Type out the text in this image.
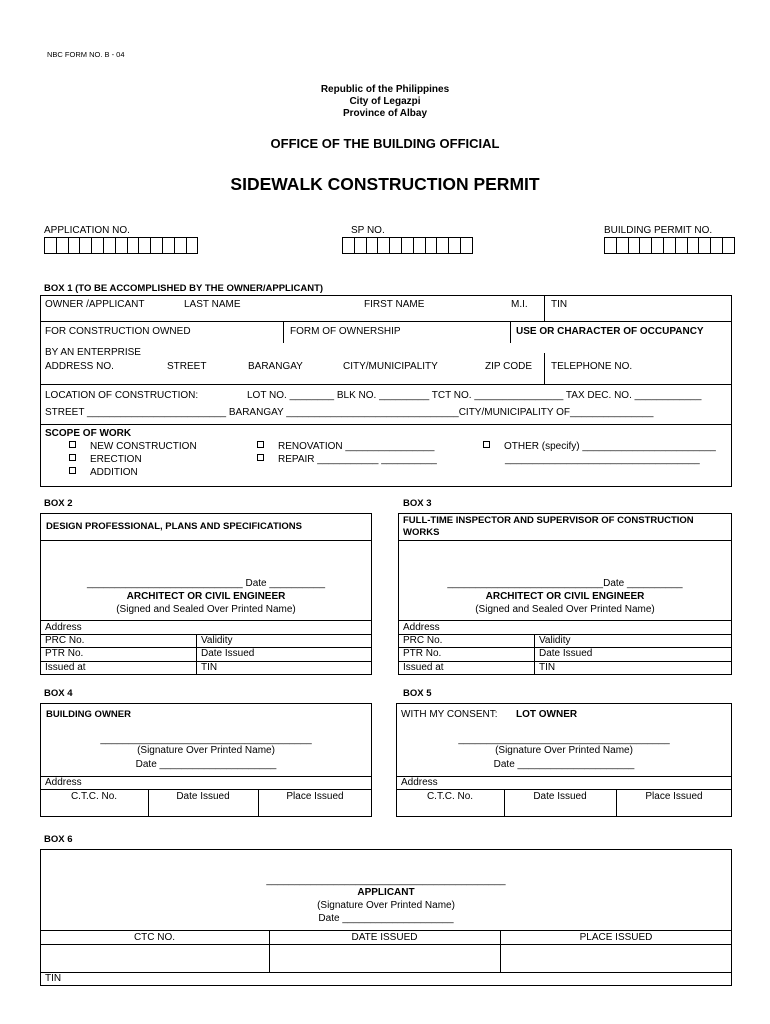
NBC FORM NO. B - 04
Republic of the Philippines
City of Legazpi
Province of Albay
OFFICE OF THE BUILDING OFFICIAL
SIDEWALK CONSTRUCTION PERMIT
APPLICATION NO.	SP NO.	BUILDING PERMIT NO.
BOX 1 (TO BE ACCOMPLISHED BY THE OWNER/APPLICANT)
OWNER /APPLICANT	LAST NAME	FIRST NAME	M.I. TIN
FOR CONSTRUCTION OWNED	FORM OF OWNERSHIP	USE OR CHARACTER OF OCCUPANCY
BY AN ENTERPRISE
ADDRESS NO.	STREET	BARANGAY	CITY/MUNICIPALITY	ZIP CODE TELEPHONE NO.
LOCATION OF CONSTRUCTION:	LOT NO. ________ BLK NO. _________ TCT NO. ________________ TAX DEC. NO. ____________
STREET _________________________ BARANGAY _______________________________CITY/MUNICIPALITY OF_______________
SCOPE OF WORK
NEW CONSTRUCTION
ERECTION
ADDITION
RENOVATION ________________
REPAIR ___________ __________
OTHER (specify) ________________________
___________________________________
BOX 2
DESIGN PROFESSIONAL, PLANS AND SPECIFICATIONS
____________________________ Date __________
ARCHITECT OR CIVIL ENGINEER
(Signed and Sealed Over Printed Name)
Address
PRC No.	Validity
PTR No.	Date Issued
Issued at	TIN
BOX 3
FULL-TIME INSPECTOR AND SUPERVISOR OF CONSTRUCTION
WORKS
____________________________Date __________
ARCHITECT OR CIVIL ENGINEER
(Signed and Sealed Over Printed Name)
Address
PRC No.	Validity
PTR No.	Date Issued
Issued at	TIN
BOX 4
BUILDING OWNER
______________________________________
(Signature Over Printed Name)
Date _____________________
Address
C.T.C. No.	Date Issued	Place Issued
BOX 5
WITH MY CONSENT: LOT OWNER
______________________________________
(Signature Over Printed Name)
Date _____________________
Address
C.T.C. No.	Date Issued	Place Issued
BOX 6
___________________________________________
APPLICANT
(Signature Over Printed Name)
Date ____________________
CTC NO.	DATE ISSUED	PLACE ISSUED
TIN
